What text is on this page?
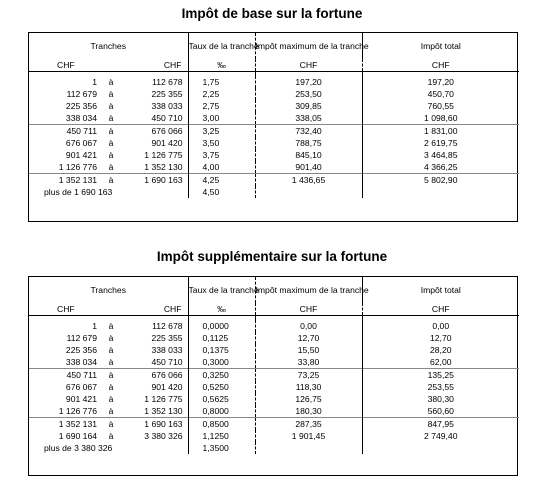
Impôt de base sur la fortune
Tranches			Taux de la tranche	Impôt maximum de la tranche	Impôt total
CHF		CHF	‰	CHF	CHF

1	à	112 678	1,75	197,20	197,20
112 679	à	225 355	2,25	253,50	450,70
225 356	à	338 033	2,75	309,85	760,55
338 034	à	450 710	3,00	338,05	1 098,60
450 711	à	676 066	3,25	732,40	1 831,00
676 067	à	901 420	3,50	788,75	2 619,75
901 421	à	1 126 775	3,75	845,10	3 464,85
1 126 776	à	1 352 130	4,00	901,40	4 366,25
1 352 131	à	1 690 163	4,25	1 436,65	5 802,90
plus de 1 690 163			4,50		
Impôt supplémentaire sur la fortune
Tranches			Taux de la tranche	Impôt maximum de la tranche	Impôt total
CHF		CHF	‰	CHF	CHF

1	à	112 678	0,0000	0,00	0,00
112 679	à	225 355	0,1125	12,70	12,70
225 356	à	338 033	0,1375	15,50	28,20
338 034	à	450 710	0,3000	33,80	62,00
450 711	à	676 066	0,3250	73,25	135,25
676 067	à	901 420	0,5250	118,30	253,55
901 421	à	1 126 775	0,5625	126,75	380,30
1 126 776	à	1 352 130	0,8000	180,30	560,60
1 352 131	à	1 690 163	0,8500	287,35	847,95
1 690 164	à	3 380 326	1,1250	1 901,45	2 749,40
plus de 3 380 326			1,3500		
